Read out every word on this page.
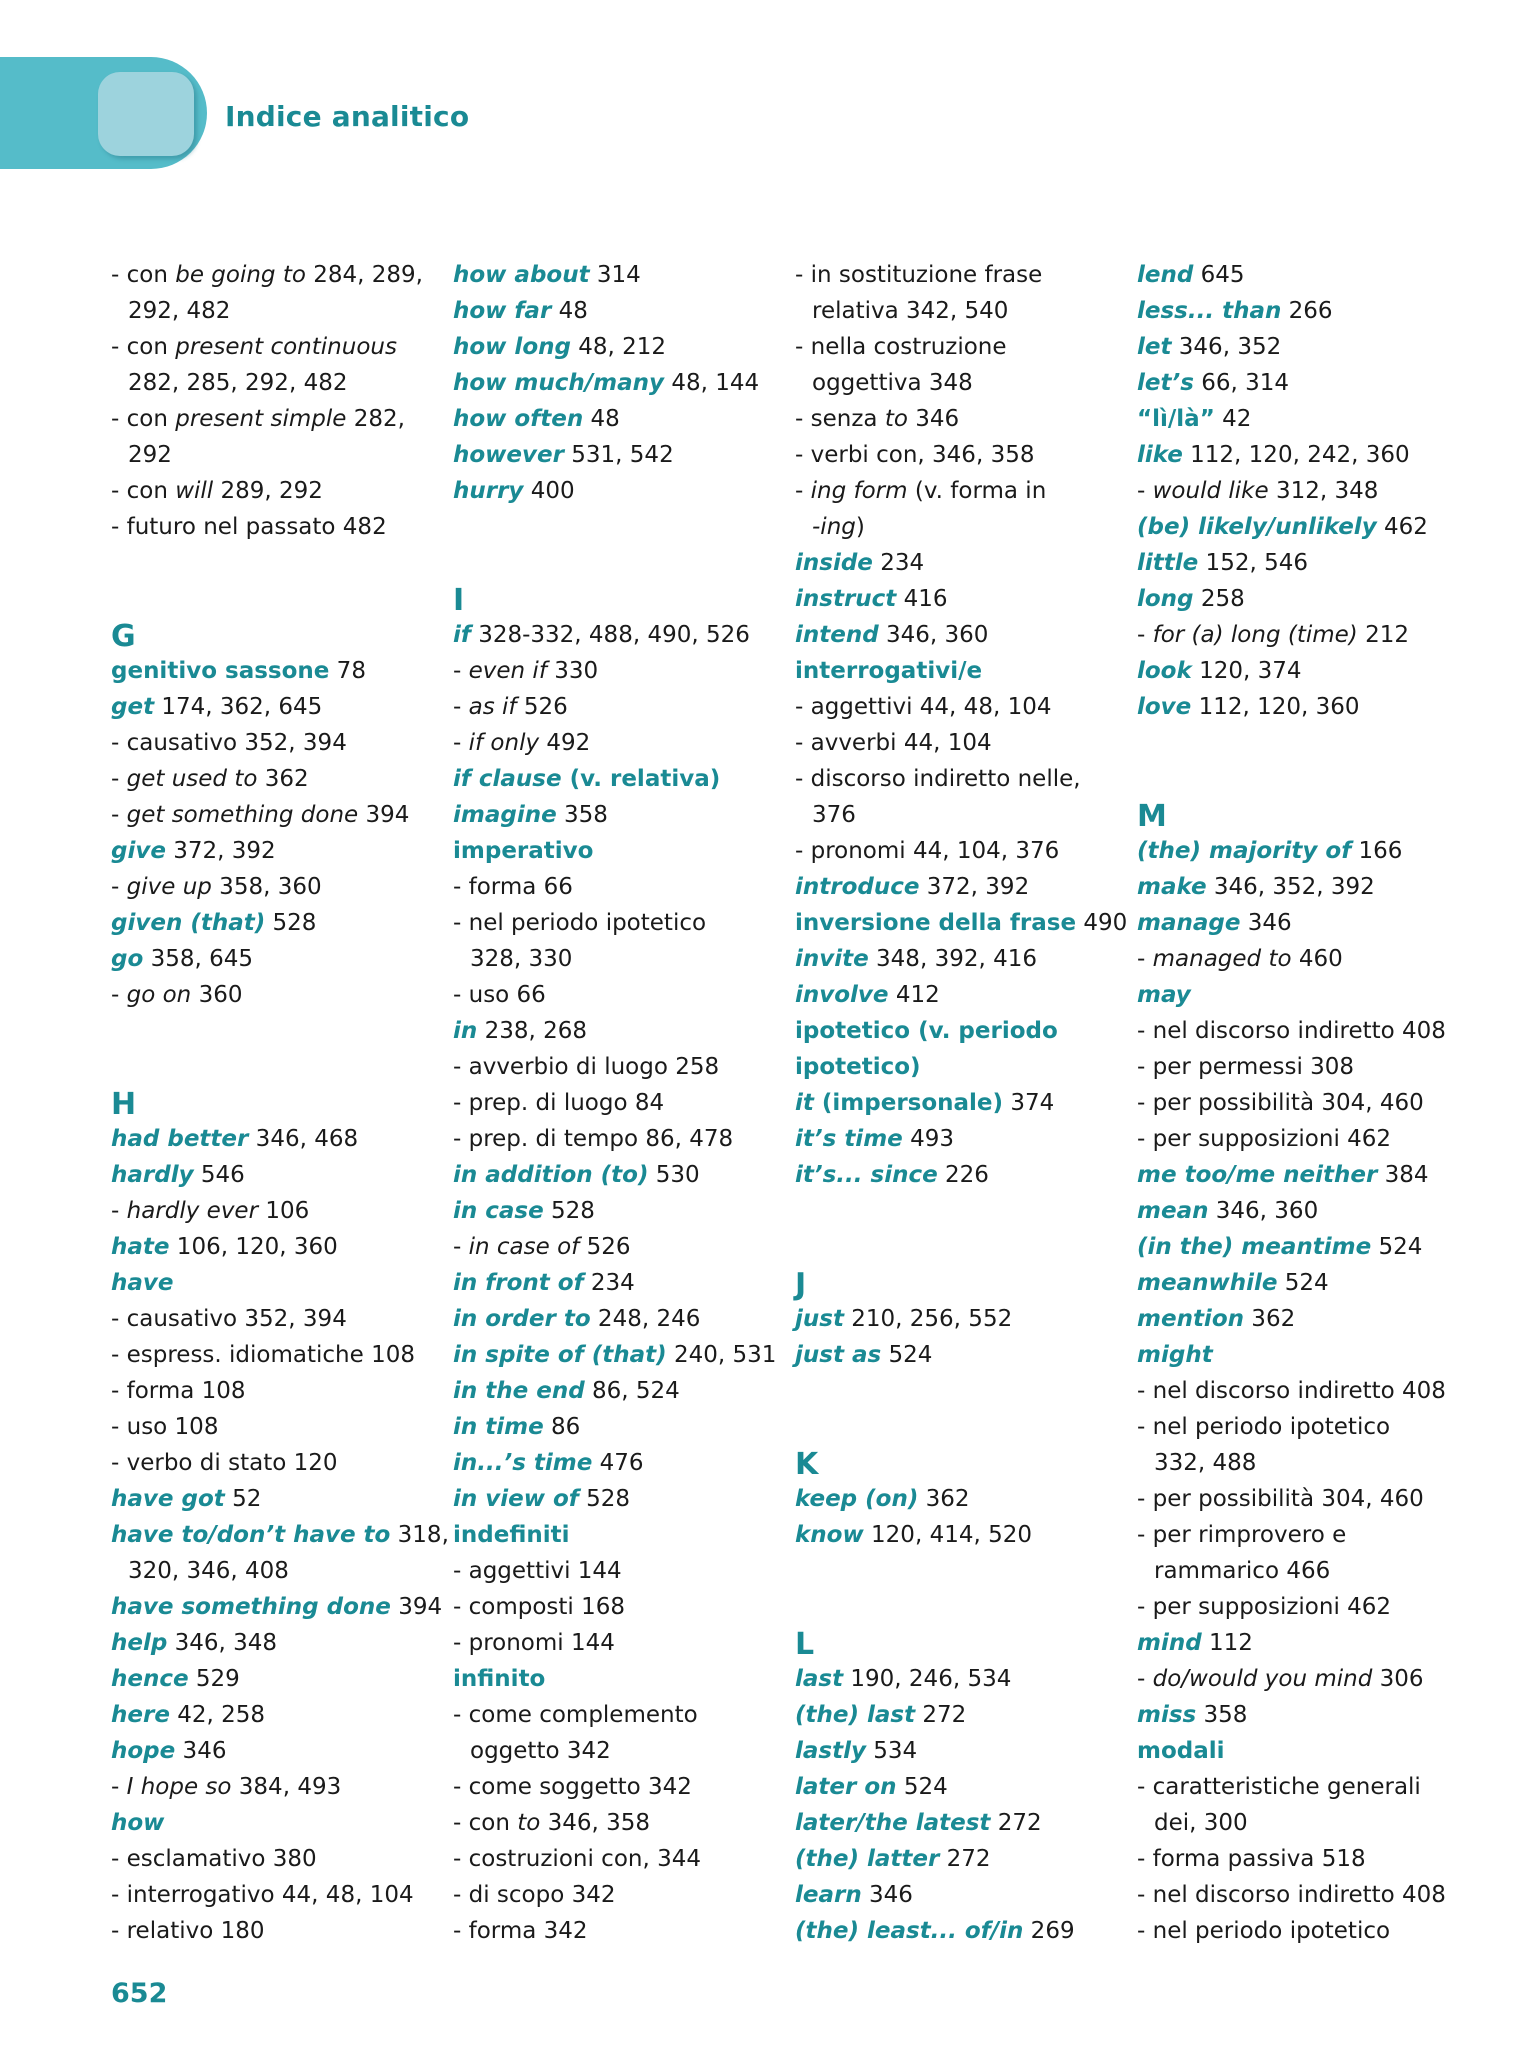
Indice analitico
- con be going to 284, 289,
292, 482
- con present continuous
282, 285, 292, 482
- con present simple 282,
292
- con will 289, 292
- futuro nel passato 482
G
genitivo sassone 78
get 174, 362, 645
- causativo 352, 394
- get used to 362
- get something done 394
give 372, 392
- give up 358, 360
given (that) 528
go 358, 645
- go on 360
H
had better 346, 468
hardly 546
- hardly ever 106
hate 106, 120, 360
have
- causativo 352, 394
- espress. idiomatiche 108
- forma 108
- uso 108
- verbo di stato 120
have got 52
have to/don’t have to 318,
320, 346, 408
have something done 394
help 346, 348
hence 529
here 42, 258
hope 346
- I hope so 384, 493
how
- esclamativo 380
- interrogativo 44, 48, 104
- relativo 180
how about 314
how far 48
how long 48, 212
how much/many 48, 144
how often 48
however 531, 542
hurry 400
I
if 328-332, 488, 490, 526
- even if 330
- as if 526
- if only 492
if clause (v. relativa)
imagine 358
imperativo
- forma 66
- nel periodo ipotetico
328, 330
- uso 66
in 238, 268
- avverbio di luogo 258
- prep. di luogo 84
- prep. di tempo 86, 478
in addition (to) 530
in case 528
- in case of 526
in front of 234
in order to 248, 246
in spite of (that) 240, 531
in the end 86, 524
in time 86
in...’s time 476
in view of 528
indefiniti
- aggettivi 144
- composti 168
- pronomi 144
infinito
- come complemento
oggetto 342
- come soggetto 342
- con to 346, 358
- costruzioni con, 344
- di scopo 342
- forma 342
- in sostituzione frase
relativa 342, 540
- nella costruzione
oggettiva 348
- senza to 346
- verbi con, 346, 358
- ing form (v. forma in
-ing)
inside 234
instruct 416
intend 346, 360
interrogativi/e
- aggettivi 44, 48, 104
- avverbi 44, 104
- discorso indiretto nelle,
376
- pronomi 44, 104, 376
introduce 372, 392
inversione della frase 490
invite 348, 392, 416
involve 412
ipotetico (v. periodo
ipotetico)
it (impersonale) 374
it’s time 493
it’s... since 226
J
just 210, 256, 552
just as 524
K
keep (on) 362
know 120, 414, 520
L
last 190, 246, 534
(the) last 272
lastly 534
later on 524
later/the latest 272
(the) latter 272
learn 346
(the) least... of/in 269
lend 645
less... than 266
let 346, 352
let’s 66, 314
“lì/là” 42
like 112, 120, 242, 360
- would like 312, 348
(be) likely/unlikely 462
little 152, 546
long 258
- for (a) long (time) 212
look 120, 374
love 112, 120, 360
M
(the) majority of 166
make 346, 352, 392
manage 346
- managed to 460
may
- nel discorso indiretto 408
- per permessi 308
- per possibilità 304, 460
- per supposizioni 462
me too/me neither 384
mean 346, 360
(in the) meantime 524
meanwhile 524
mention 362
might
- nel discorso indiretto 408
- nel periodo ipotetico
332, 488
- per possibilità 304, 460
- per rimprovero e
rammarico 466
- per supposizioni 462
mind 112
- do/would you mind 306
miss 358
modali
- caratteristiche generali
dei, 300
- forma passiva 518
- nel discorso indiretto 408
- nel periodo ipotetico
652
